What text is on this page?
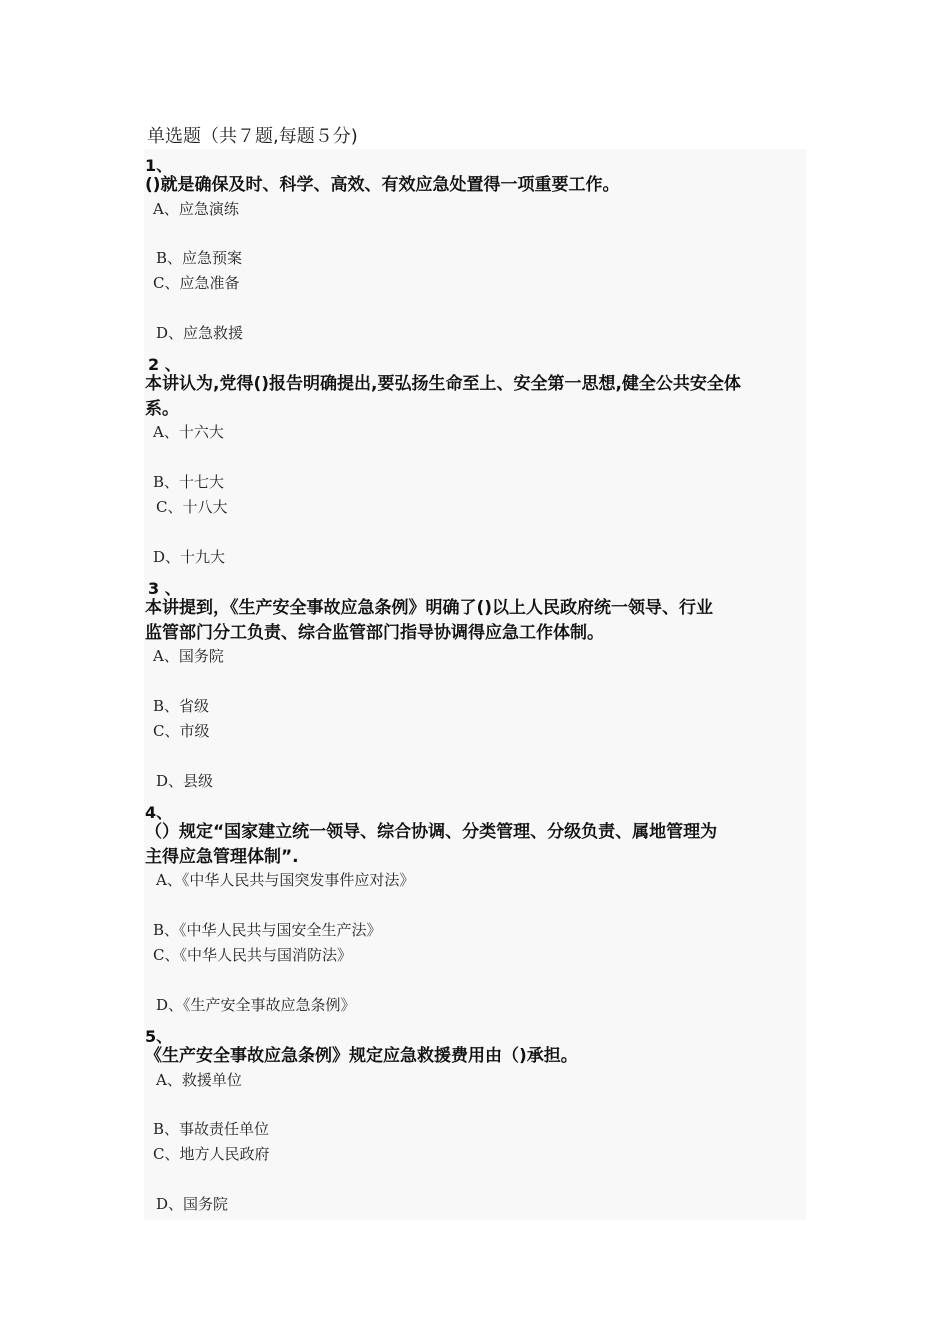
单选题（共７题,每题５分)
1、
()就是确保及时、科学、高效、有效应急处置得一项重要工作。
A、应急演练
B、应急预案
C、应急准备
D、应急救援
2 、
本讲认为,党得()报告明确提出,要弘扬生命至上、安全第一思想,健全公共安全体
系。
A、十六大
B、十七大
C、十八大
D、十九大
3 、
本讲提到，《生产安全事故应急条例》明确了()以上人民政府统一领导、行业
监管部门分工负责、综合监管部门指导协调得应急工作体制。
A、国务院
B、省级
C、市级
D、县级
4、
（）规定“国家建立统一领导、综合协调、分类管理、分级负责、属地管理为
主得应急管理体制”.
A、《中华人民共与国突发事件应对法》
B、《中华人民共与国安全生产法》
C、《中华人民共与国消防法》
D、《生产安全事故应急条例》
5、
《生产安全事故应急条例》规定应急救援费用由（)承担。
A、救援单位
B、事故责任单位
C、地方人民政府
D、国务院
